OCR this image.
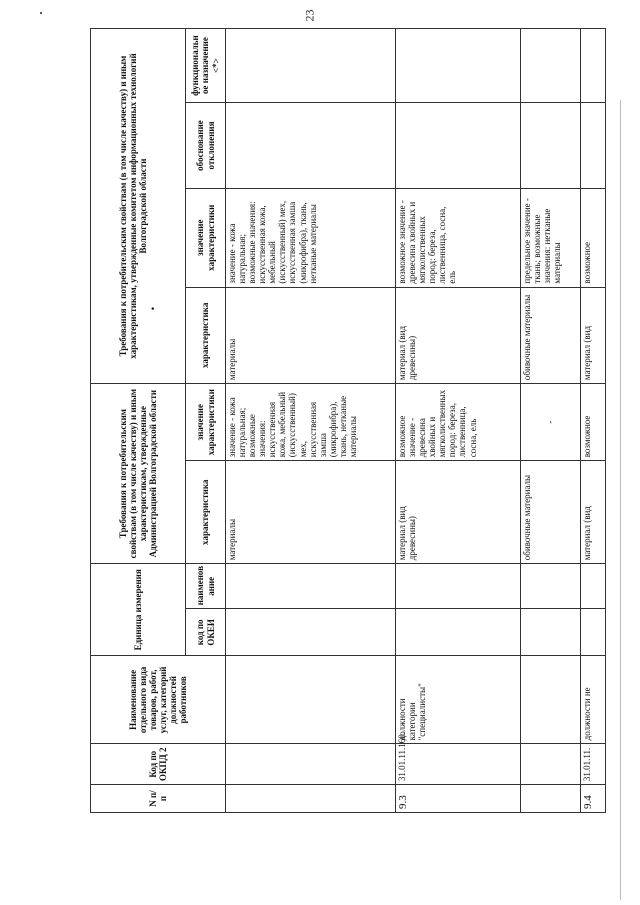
23
N п/п	Код по ОКПД 2	Наименование отдельного вида товаров, работ, услуг, категорий должностей работников	Единица измерения		Требования к потребительским свойствам (в том числе качеству) и иным характеристикам, утвержденные Администрацией Волгоградской области		Требования к потребительским свойствам (в том числе качеству) и иным характеристикам, утвержденные комитетом информационных технологий Волгоградской области
•			

			код по ОКЕИ	наименов ание	характеристика	значение характеристики	характеристика	значение характеристики	обоснование отклонения	функциональн ое назначение <*>
					материалы	значение - кожа натуральная; возможные значения: искусственная кожа, мебельный (искусственный) мех, искусственная замша (микрофибра), ткань, нетканые материалы	материалы	значение - кожа натуральная; возможные значения: искусственная кожа, мебельный (искусственный) мех, искусственная замша (микрофибра), ткань, нетканые материалы		
9.3	31.01.11.160.	должности категории "специалисты"			материал (вид древесины)	возможное значение - древесина хвойных и мягколиственных пород: береза, лиственница, сосна, ель	материал (вид древесины)	возможное значение - древесина хвойных и мягколиственных пород: береза, лиственница, сосна, ель		
					обивочные материалы	-	обивочные материалы	предельное значение - ткань; возможные значения: нетканые материалы		
9.4	31.01.11.	должности не			материал (вид	возможное	материал (вид	возможное		
